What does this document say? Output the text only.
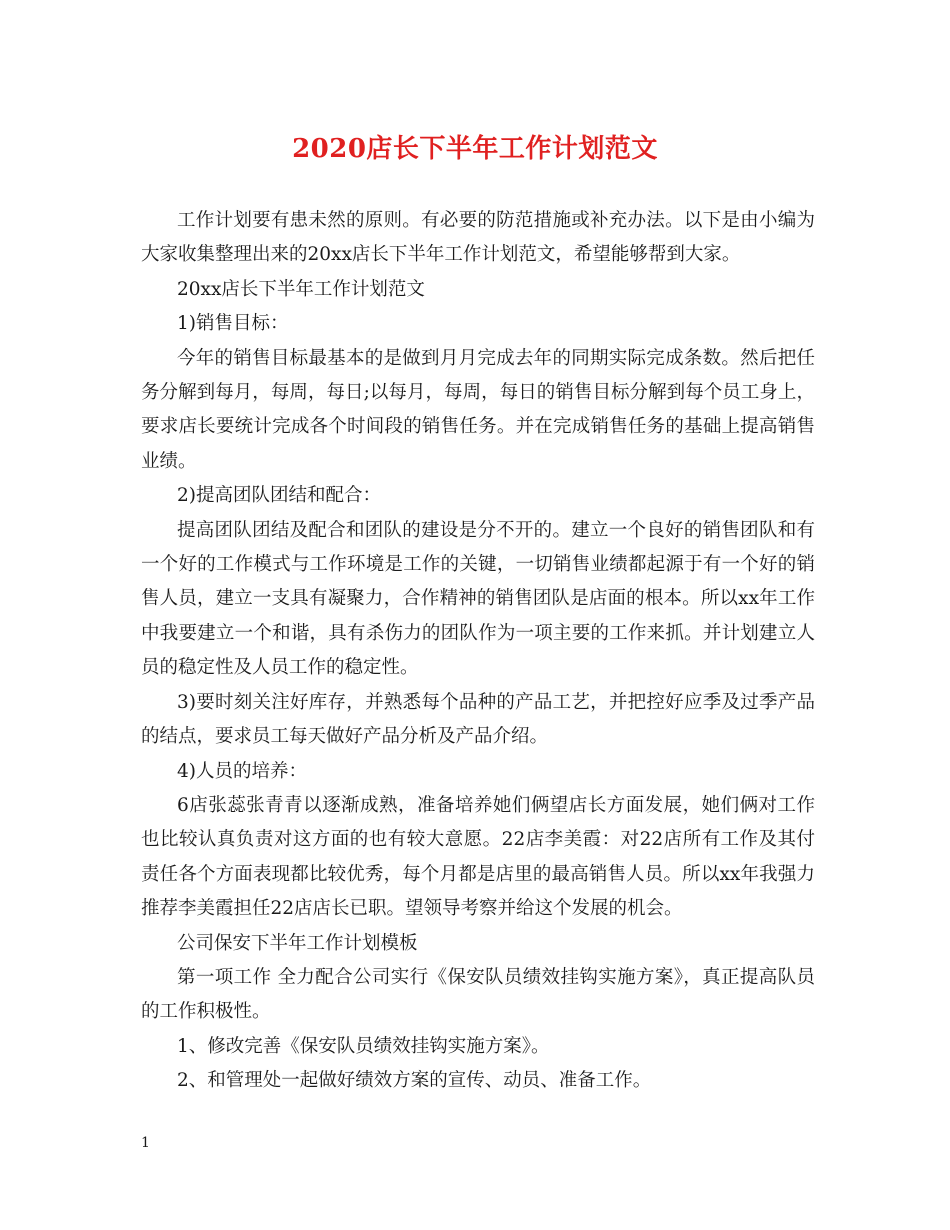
2020店长下半年工作计划范文

工作计划要有患未然的原则。有必要的防范措施或补充办法。以下是由小编为大家收集整理出来的20xx店长下半年工作计划范文，希望能够帮到大家。

20xx店长下半年工作计划范文

1)销售目标：

今年的销售目标最基本的是做到月月完成去年的同期实际完成条数。然后把任务分解到每月，每周，每日;以每月，每周，每日的销售目标分解到每个员工身上，要求店长要统计完成各个时间段的销售任务。并在完成销售任务的基础上提高销售业绩。

2)提高团队团结和配合：

提高团队团结及配合和团队的建设是分不开的。建立一个良好的销售团队和有一个好的工作模式与工作环境是工作的关键，一切销售业绩都起源于有一个好的销售人员，建立一支具有凝聚力，合作精神的销售团队是店面的根本。所以xx年工作中我要建立一个和谐，具有杀伤力的团队作为一项主要的工作来抓。并计划建立人员的稳定性及人员工作的稳定性。

3)要时刻关注好库存，并熟悉每个品种的产品工艺，并把控好应季及过季产品的结点，要求员工每天做好产品分析及产品介绍。

4)人员的培养：

6店张蕊张青青以逐渐成熟，准备培养她们俩望店长方面发展，她们俩对工作也比较认真负责对这方面的也有较大意愿。22店李美霞：对22店所有工作及其付责任各个方面表现都比较优秀，每个月都是店里的最高销售人员。所以xx年我强力推荐李美霞担任22店店长已职。望领导考察并给这个发展的机会。

公司保安下半年工作计划模板

第一项工作 全力配合公司实行《保安队员绩效挂钩实施方案》，真正提高队员的工作积极性。

1、修改完善《保安队员绩效挂钩实施方案》。

2、和管理处一起做好绩效方案的宣传、动员、准备工作。

1
